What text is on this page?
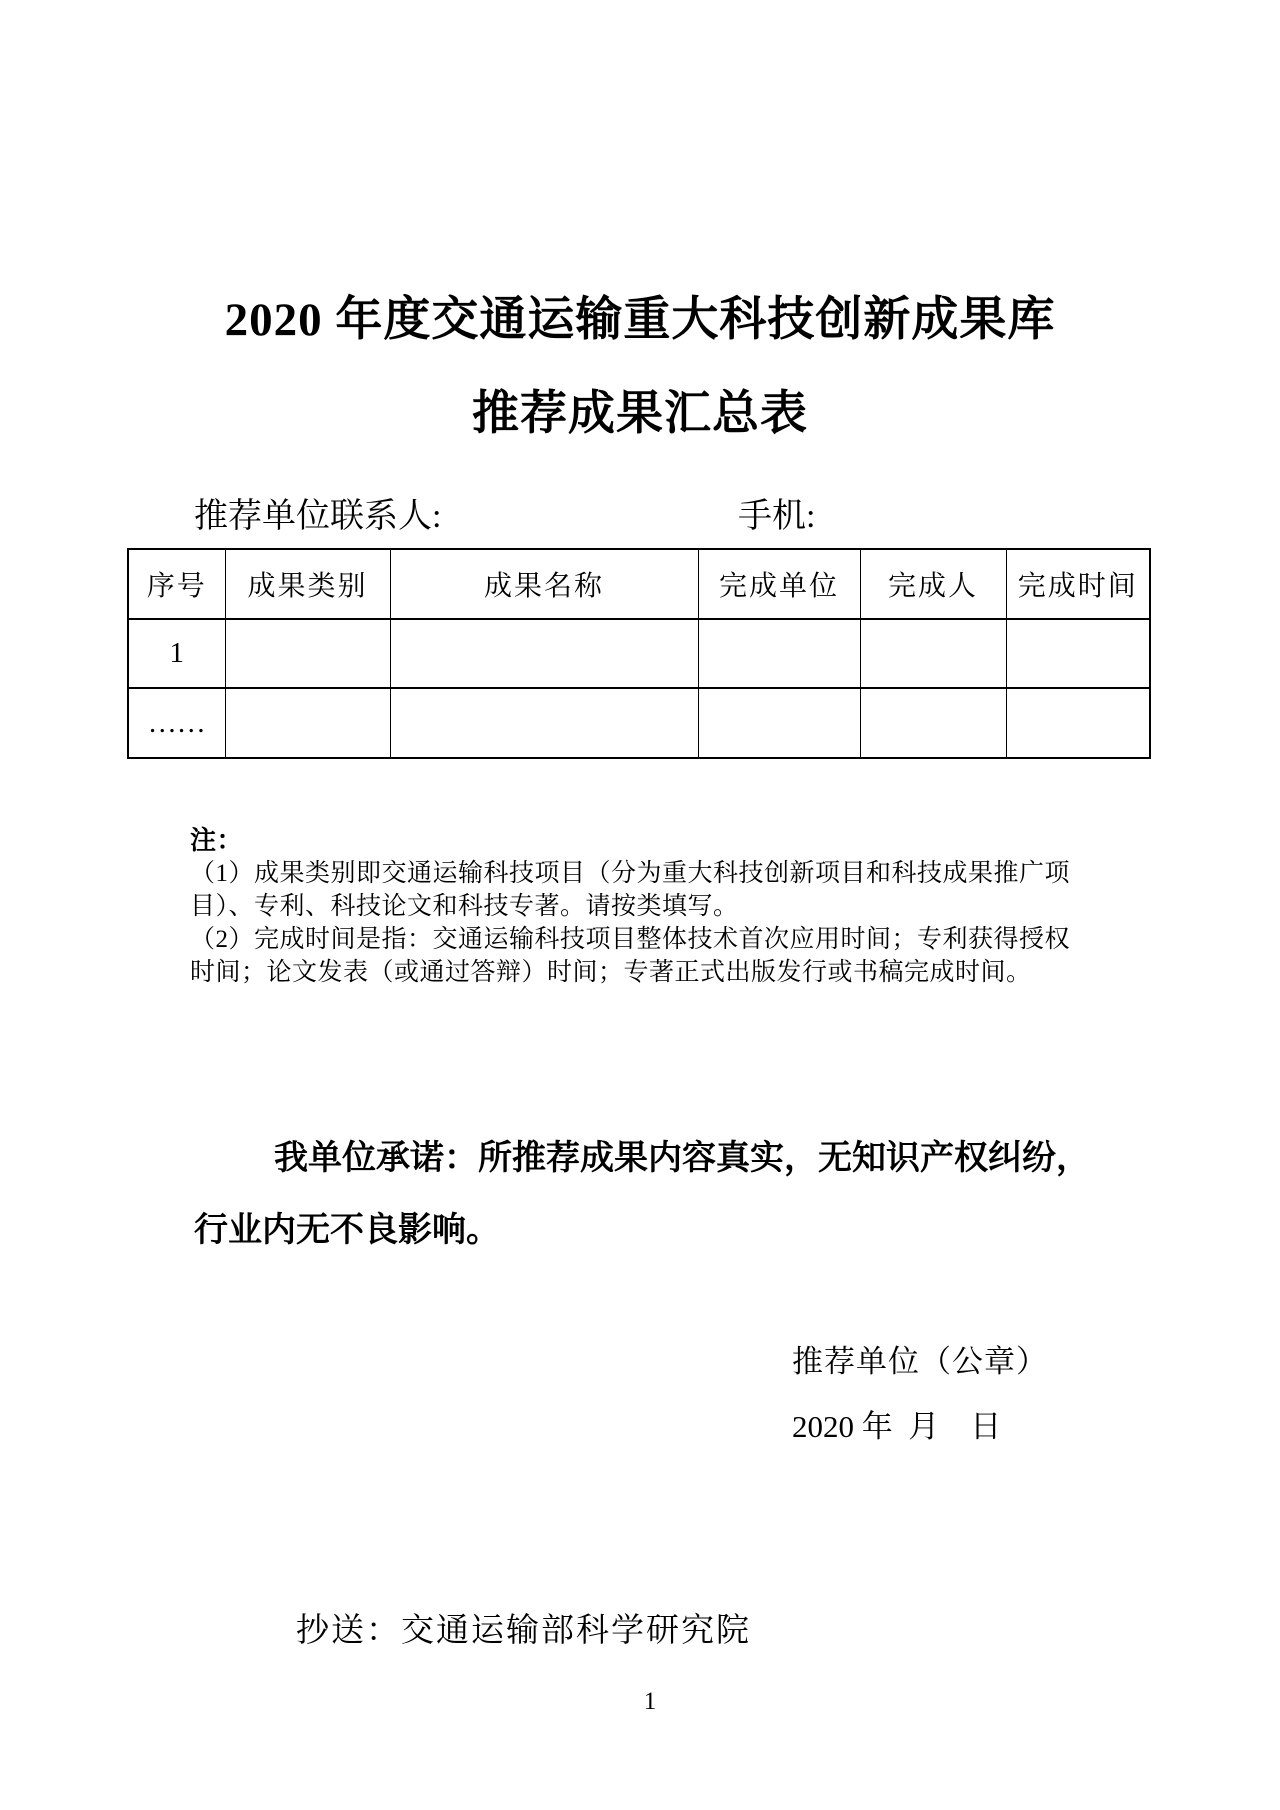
2020 年度交通运输重大科技创新成果库
推荐成果汇总表
推荐单位联系人:	手机:
序号	成果类别	成果名称	完成单位	完成人	完成时间
1					
……					
注：
（1）成果类别即交通运输科技项目（分为重大科技创新项目和科技成果推广项
目）、专利、科技论文和科技专著。请按类填写。
（2）完成时间是指：交通运输科技项目整体技术首次应用时间；专利获得授权
时间；论文发表（或通过答辩）时间；专著正式出版发行或书稿完成时间。
我单位承诺：所推荐成果内容真实，无知识产权纠纷，
行业内无不良影响。
推荐单位（公章）
2020 年  月    日
抄送：交通运输部科学研究院
1
